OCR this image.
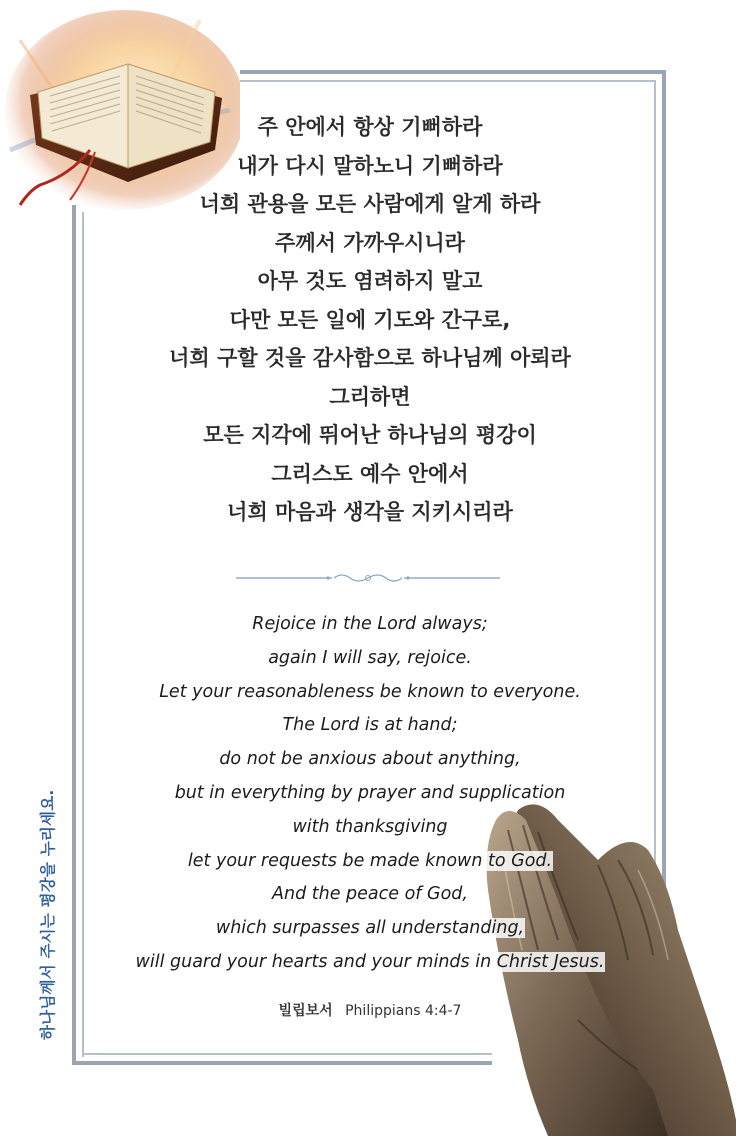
주 안에서 항상 기뻐하라
내가 다시 말하노니 기뻐하라
너희 관용을 모든 사람에게 알게 하라
주께서 가까우시니라
아무 것도 염려하지 말고
다만 모든 일에 기도와 간구로,
너희 구할 것을 감사함으로 하나님께 아뢰라
그리하면
모든 지각에 뛰어난 하나님의 평강이
그리스도 예수 안에서
너희 마음과 생각을 지키시리라
Rejoice in the Lord always;
again I will say, rejoice.
Let your reasonableness be known to everyone.
The Lord is at hand;
do not be anxious about anything,
but in everything by prayer and supplication
with thanksgiving
let your requests be made known to God.
And the peace of God,
which surpasses all understanding,
will guard your hearts and your minds in Christ Jesus.
빌립보서 Philippians 4:4-7
하나님께서 주시는 평강을 누리세요.
